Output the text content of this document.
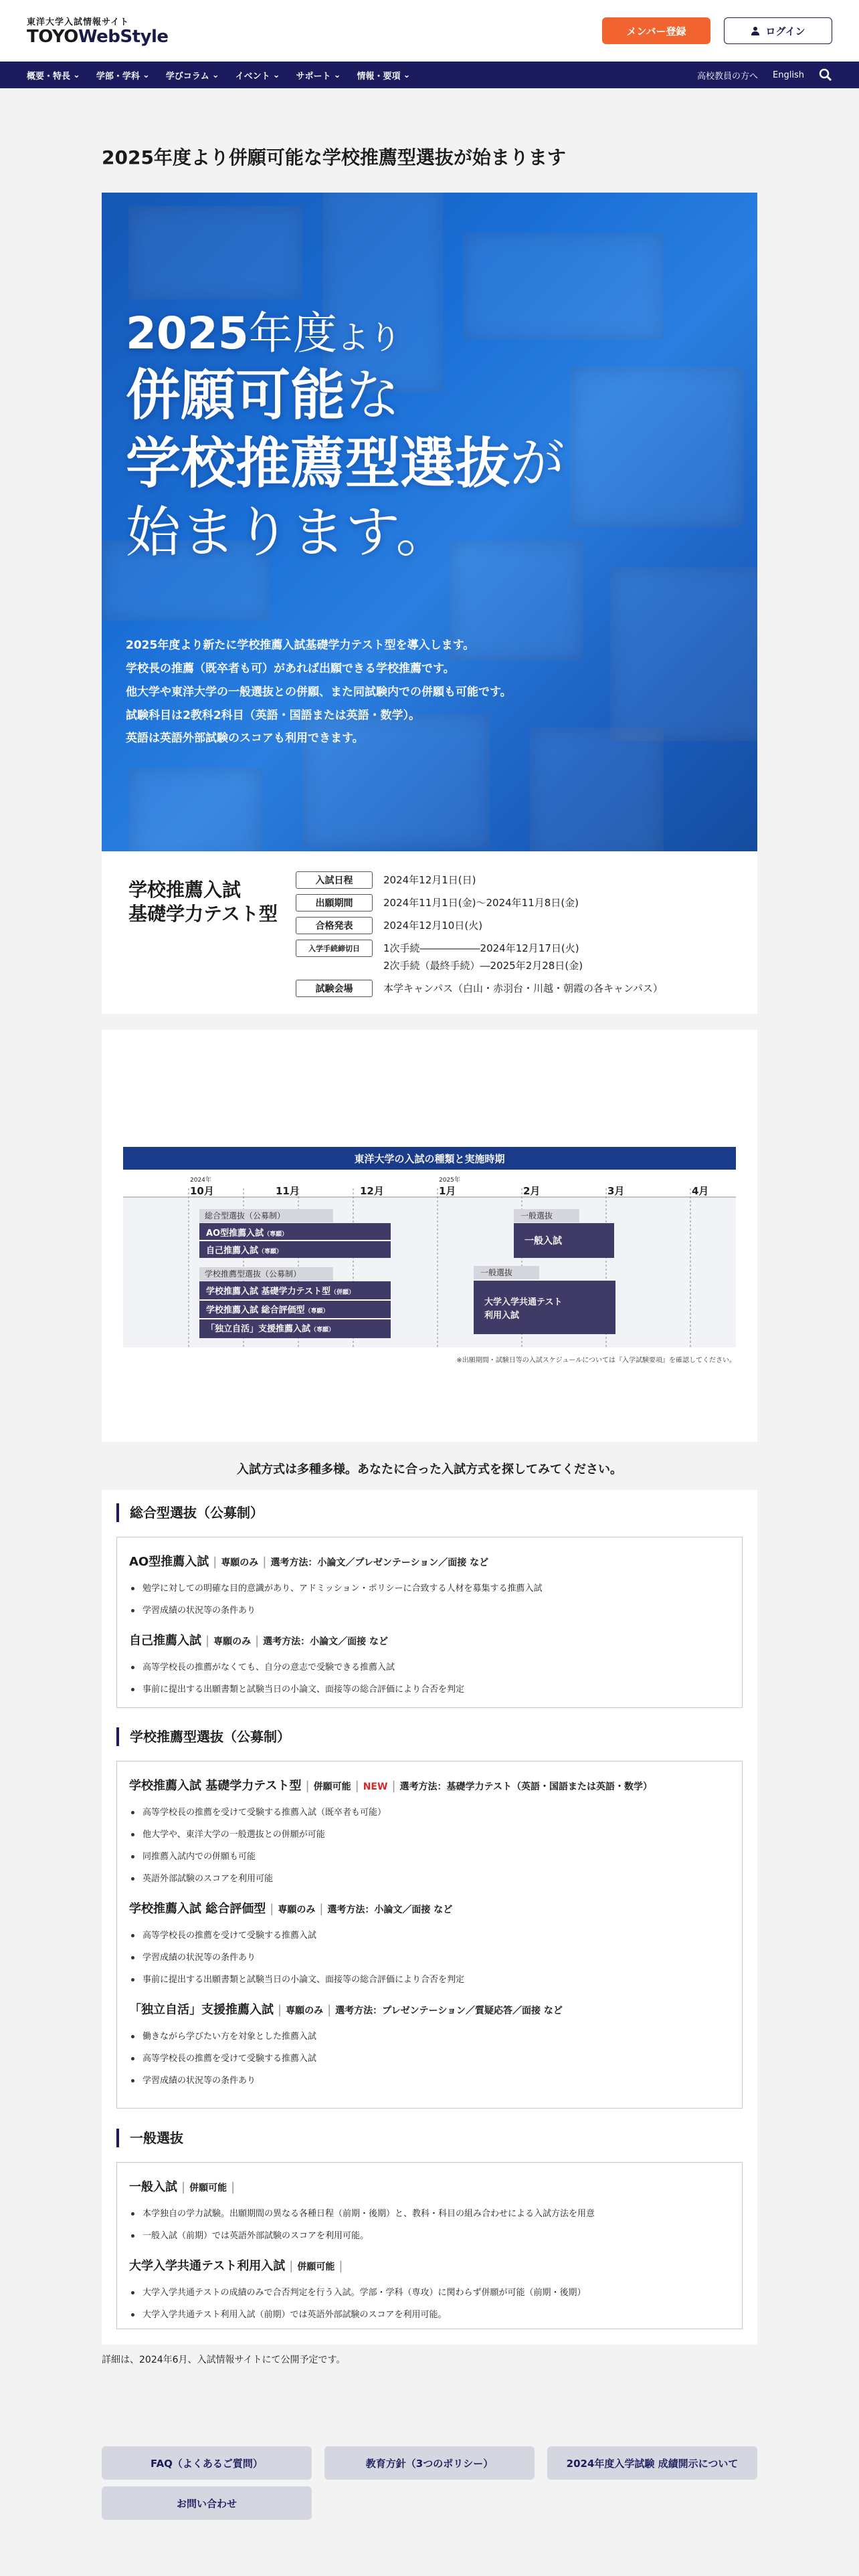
東洋大学入試情報サイト
TOYOWebStyle	メンバー登録	ログイン
概要・特長 ⌄ 学部・学科 ⌄ 学びコラム ⌄ イベント ⌄ サポート ⌄ 情報・要項 ⌄	高校教員の方へ English
2025年度より併願可能な学校推薦型選抜が始まります
2025年度より
併願可能な
学校推薦型選抜が
始まります。
2025年度より新たに学校推薦入試基礎学力テスト型を導入します。
学校長の推薦（既卒者も可）があれば出願できる学校推薦です。
他大学や東洋大学の一般選抜との併願、また同試験内での併願も可能です。
試験科目は2教科2科目（英語・国語または英語・数学）。
英語は英語外部試験のスコアも利用できます。
学校推薦入試
基礎学力テスト型
入試日程	2024年12月1日(日)
出願期間	2024年11月1日(金)～2024年11月8日(金)
合格発表	2024年12月10日(火)
入学手続締切日	1次手続――――――2024年12月17日(火)
2次手続（最終手続）―2025年2月28日(金)
試験会場	本学キャンパス（白山・赤羽台・川越・朝霞の各キャンパス）
東洋大学の入試の種類と実施時期
2024年	2025年
10月	11月	12月	1月	2月	3月	4月
総合型選抜（公募制）
AO型推薦入試（専願）
自己推薦入試（専願）
学校推薦型選抜（公募制）
学校推薦入試 基礎学力テスト型（併願）
学校推薦入試 総合評価型（専願）
「独立自活」支援推薦入試（専願）
一般選抜
一般入試
一般選抜
大学入学共通テスト
利用入試
※出願期間・試験日等の入試スケジュールについては『入学試験要項』を確認してください。
入試方式は多種多様。あなたに合った入試方式を探してみてください。
総合型選抜（公募制）
AO型推薦入試 | 専願のみ | 選考方法：小論文／プレゼンテーション／面接 など
勉学に対しての明確な目的意識があり、アドミッション・ポリシーに合致する人材を募集する推薦入試
学習成績の状況等の条件あり
自己推薦入試 | 専願のみ | 選考方法：小論文／面接 など
高等学校長の推薦がなくても、自分の意志で受験できる推薦入試
事前に提出する出願書類と試験当日の小論文、面接等の総合評価により合否を判定
学校推薦型選抜（公募制）
学校推薦入試 基礎学力テスト型 | 併願可能 | NEW | 選考方法：基礎学力テスト（英語・国語または英語・数学）
高等学校長の推薦を受けて受験する推薦入試（既卒者も可能）
他大学や、東洋大学の一般選抜との併願が可能
同推薦入試内での併願も可能
英語外部試験のスコアを利用可能
学校推薦入試 総合評価型 | 専願のみ | 選考方法：小論文／面接 など
高等学校長の推薦を受けて受験する推薦入試
学習成績の状況等の条件あり
事前に提出する出願書類と試験当日の小論文、面接等の総合評価により合否を判定
「独立自活」支援推薦入試 | 専願のみ | 選考方法：プレゼンテーション／質疑応答／面接 など
働きながら学びたい方を対象とした推薦入試
高等学校長の推薦を受けて受験する推薦入試
学習成績の状況等の条件あり
一般選抜
一般入試 | 併願可能 |
本学独自の学力試験。出願期間の異なる各種日程（前期・後期）と、教科・科目の組み合わせによる入試方法を用意
一般入試（前期）では英語外部試験のスコアを利用可能。
大学入学共通テスト利用入試 | 併願可能 |
大学入学共通テストの成績のみで合否判定を行う入試。学部・学科（専攻）に関わらず併願が可能（前期・後期）
大学入学共通テスト利用入試（前期）では英語外部試験のスコアを利用可能。
詳細は、2024年6月、入試情報サイトにて公開予定です。
FAQ（よくあるご質問）	教育方針（3つのポリシー）	2024年度入学試験 成績開示について
お問い合わせ
